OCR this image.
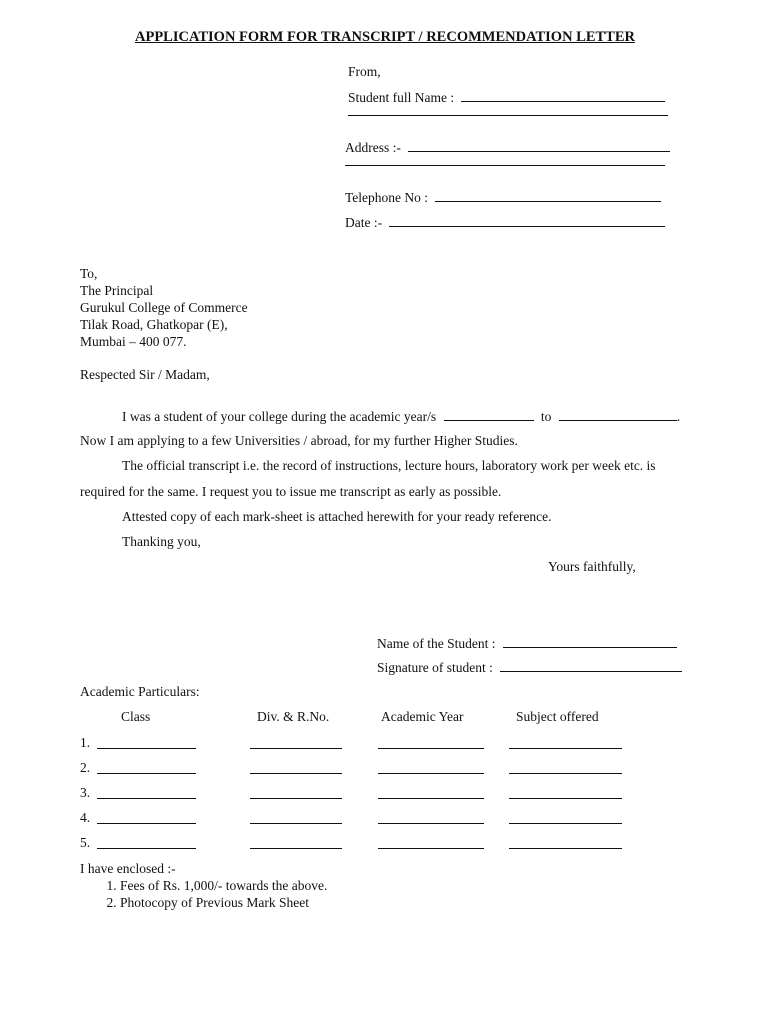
APPLICATION FORM FOR TRANSCRIPT / RECOMMENDATION LETTER
From,
Student full Name :
Address :-
Telephone No :
Date :-
To,
The Principal
Gurukul College of Commerce
Tilak Road, Ghatkopar (E),
Mumbai – 400 077.
Respected Sir / Madam,
I was a student of your college during the academic year/s	to	.
Now I am applying to a few Universities / abroad, for my further Higher Studies.
The official transcript i.e. the record of instructions, lecture hours, laboratory work per week etc. is
required for the same. I request you to issue me transcript as early as possible.
Attested copy of each mark-sheet is attached herewith for your ready reference.
Thanking you,
Yours faithfully,
Name of the Student :
Signature of student :
Academic Particulars:
Class	Div. & R.No.	Academic Year	Subject offered
1.
2.
3.
4.
5.
I have enclosed :-
1. Fees of Rs. 1,000/- towards the above.
2. Photocopy of Previous Mark Sheet
